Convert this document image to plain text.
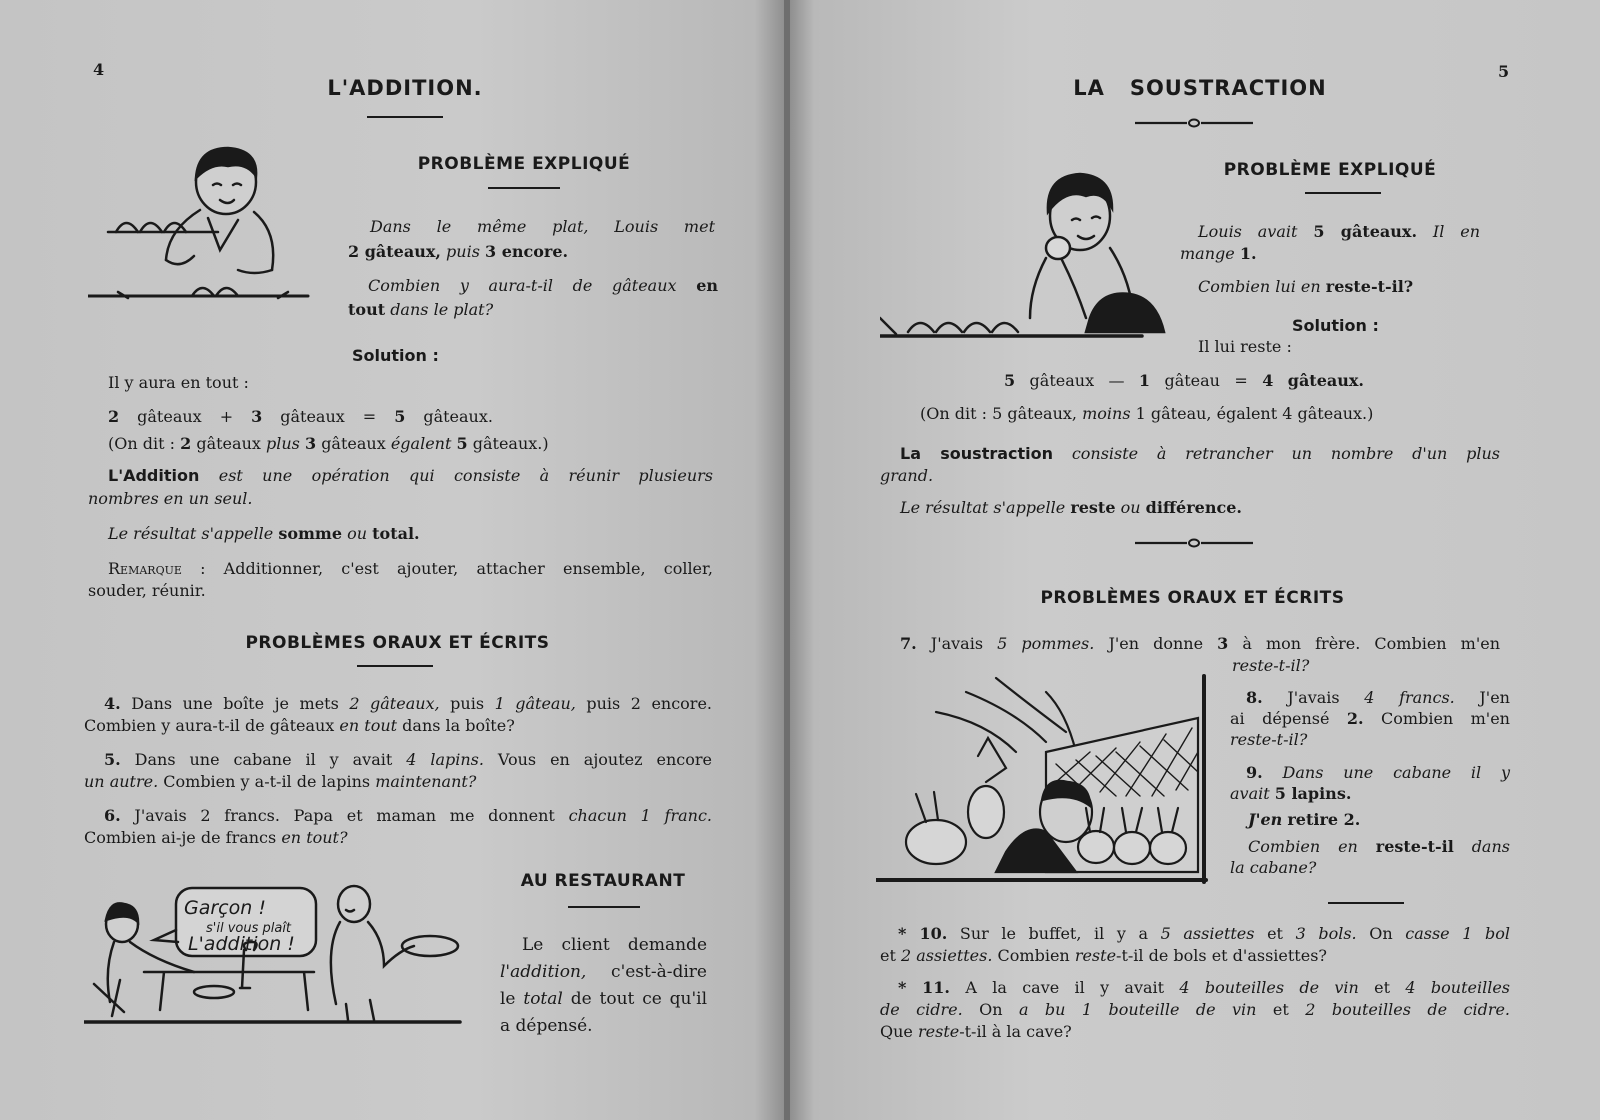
4
L'ADDITION.
PROBLÈME EXPLIQUÉ
Dans le même plat, Louis met
2 gâteaux, puis 3 encore.
Combien y aura-t-il de gâteaux en
tout dans le plat?
Solution :
Il y aura en tout :
2 gâteaux + 3 gâteaux = 5 gâteaux.
(On dit : 2 gâteaux plus 3 gâteaux égalent 5 gâteaux.)
L'Addition est une opération qui consiste à réunir plusieurs
nombres en un seul.
Le résultat s'appelle somme ou total.
Remarque : Additionner, c'est ajouter, attacher ensemble, coller,
souder, réunir.
PROBLÈMES ORAUX ET ÉCRITS
4. Dans une boîte je mets 2 gâteaux, puis 1 gâteau, puis 2 encore.
Combien y aura-t-il de gâteaux en tout dans la boîte?
5. Dans une cabane il y avait 4 lapins. Vous en ajoutez encore
un autre. Combien y a-t-il de lapins maintenant?
6. J'avais 2 francs. Papa et maman me donnent chacun 1 franc.
Combien ai-je de francs en tout?
AU RESTAURANT
Le client demande
l'addition, c'est-à-dire
le total de tout ce qu'il
a dépensé.
Garçon !
s'il vous plaît
L'addition !
5
LA   SOUSTRACTION
PROBLÈME EXPLIQUÉ
Louis avait 5 gâteaux. Il en
mange 1.
Combien lui en reste-t-il?
Solution :
Il lui reste :
5 gâteaux — 1 gâteau = 4 gâteaux.
(On dit : 5 gâteaux, moins 1 gâteau, égalent 4 gâteaux.)
La soustraction consiste à retrancher un nombre d'un plus
grand.
Le résultat s'appelle reste ou différence.
PROBLÈMES ORAUX ET ÉCRITS
7. J'avais 5 pommes. J'en donne 3 à mon frère. Combien m'en
reste-t-il?
8. J'avais 4 francs. J'en
ai dépensé 2. Combien m'en
reste-t-il?
9. Dans une cabane il y
avait 5 lapins.
J'en retire 2.
Combien en reste-t-il dans
la cabane?
* 10. Sur le buffet, il y a 5 assiettes et 3 bols. On casse 1 bol
et 2 assiettes. Combien reste-t-il de bols et d'assiettes?
* 11. A la cave il y avait 4 bouteilles de vin et 4 bouteilles
de cidre. On a bu 1 bouteille de vin et 2 bouteilles de cidre.
Que reste-t-il à la cave?
